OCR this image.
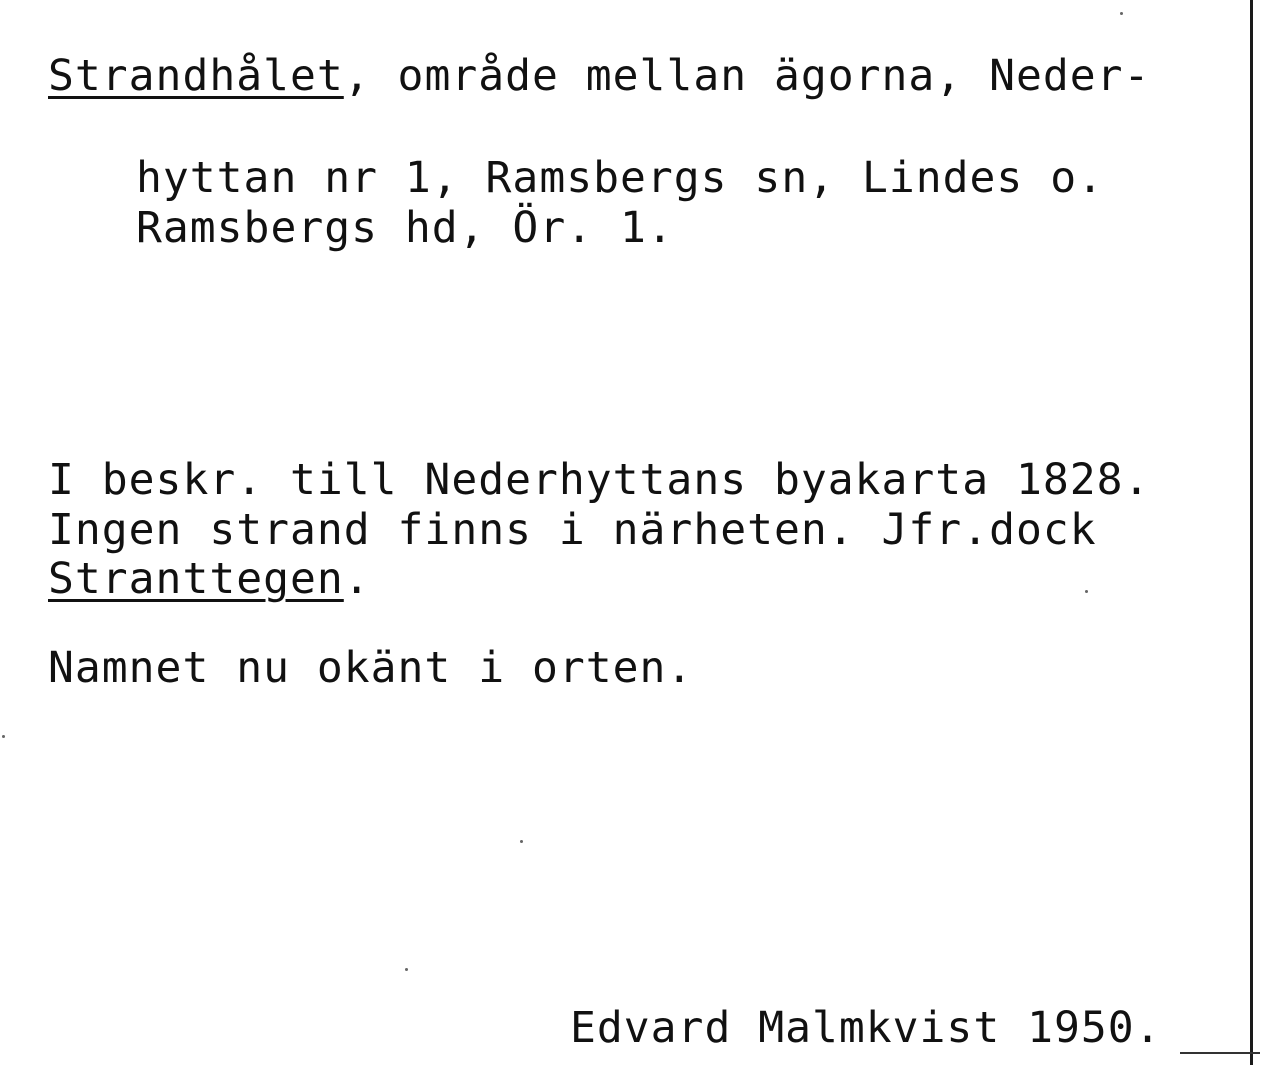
Strandhålet, område mellan ägorna, Neder-
hyttan nr 1, Ramsbergs sn, Lindes o.
Ramsbergs hd, Ör. 1.
I beskr. till Nederhyttans byakarta 1828.
Ingen strand finns i närheten. Jfr.dock
Stranttegen.
Namnet nu okänt i orten.
Edvard Malmkvist 1950.
